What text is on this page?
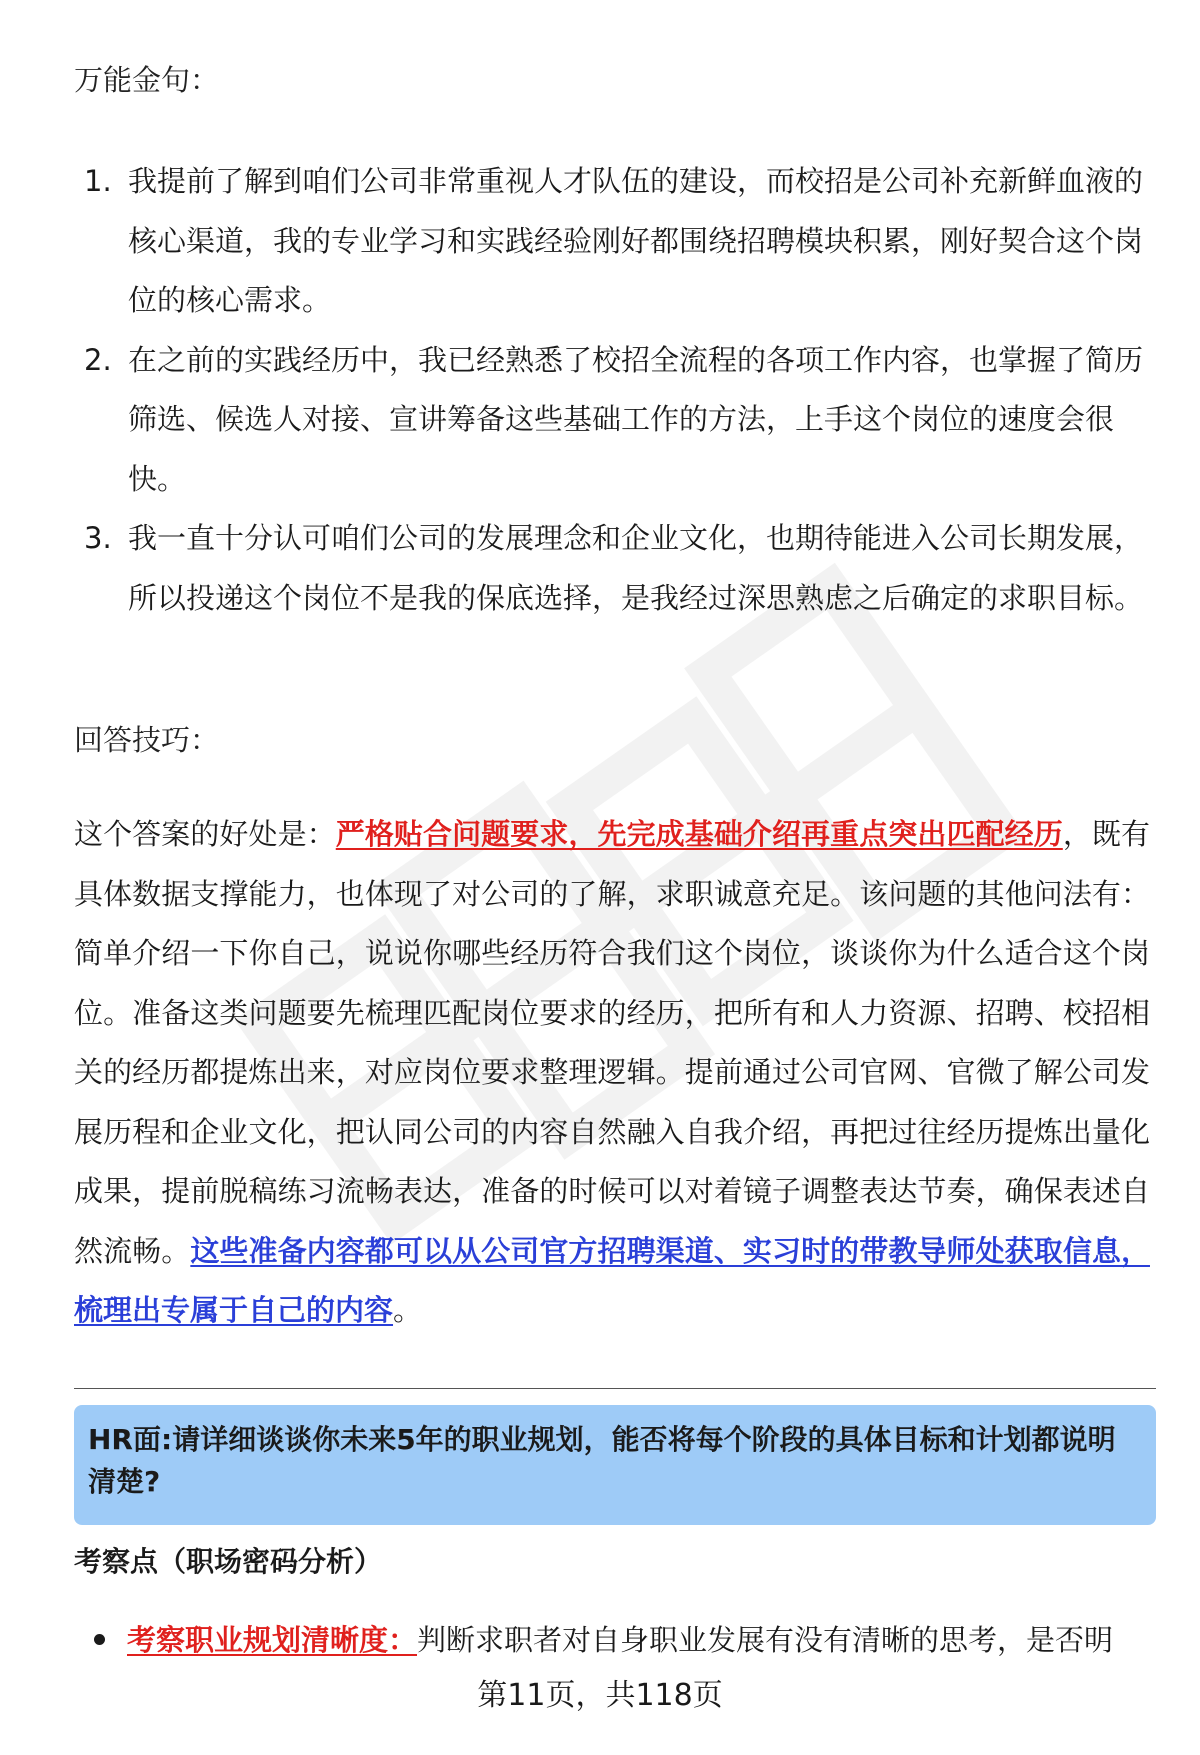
万能金句：
1. 我提前了解到咱们公司非常重视人才队伍的建设，而校招是公司补充新鲜血液的核心渠道，我的专业学习和实践经验刚好都围绕招聘模块积累，刚好契合这个岗位的核心需求。
2. 在之前的实践经历中，我已经熟悉了校招全流程的各项工作内容，也掌握了简历筛选、候选人对接、宣讲筹备这些基础工作的方法，上手这个岗位的速度会很快。
3. 我一直十分认可咱们公司的发展理念和企业文化，也期待能进入公司长期发展，所以投递这个岗位不是我的保底选择，是我经过深思熟虑之后确定的求职目标。
回答技巧：
这个答案的好处是：严格贴合问题要求，先完成基础介绍再重点突出匹配经历，既有具体数据支撑能力，也体现了对公司的了解，求职诚意充足。该问题的其他问法有：简单介绍一下你自己，说说你哪些经历符合我们这个岗位，谈谈你为什么适合这个岗位。准备这类问题要先梳理匹配岗位要求的经历，把所有和人力资源、招聘、校招相关的经历都提炼出来，对应岗位要求整理逻辑。提前通过公司官网、官微了解公司发展历程和企业文化，把认同公司的内容自然融入自我介绍，再把过往经历提炼出量化成果，提前脱稿练习流畅表达，准备的时候可以对着镜子调整表达节奏，确保表述自然流畅。这些准备内容都可以从公司官方招聘渠道、实习时的带教导师处获取信息，梳理出专属于自己的内容。
HR面:请详细谈谈你未来5年的职业规划，能否将每个阶段的具体目标和计划都说明清楚?
考察点（职场密码分析）
考察职业规划清晰度：判断求职者对自身职业发展有没有清晰的思考，是否明
第11页，共118页
